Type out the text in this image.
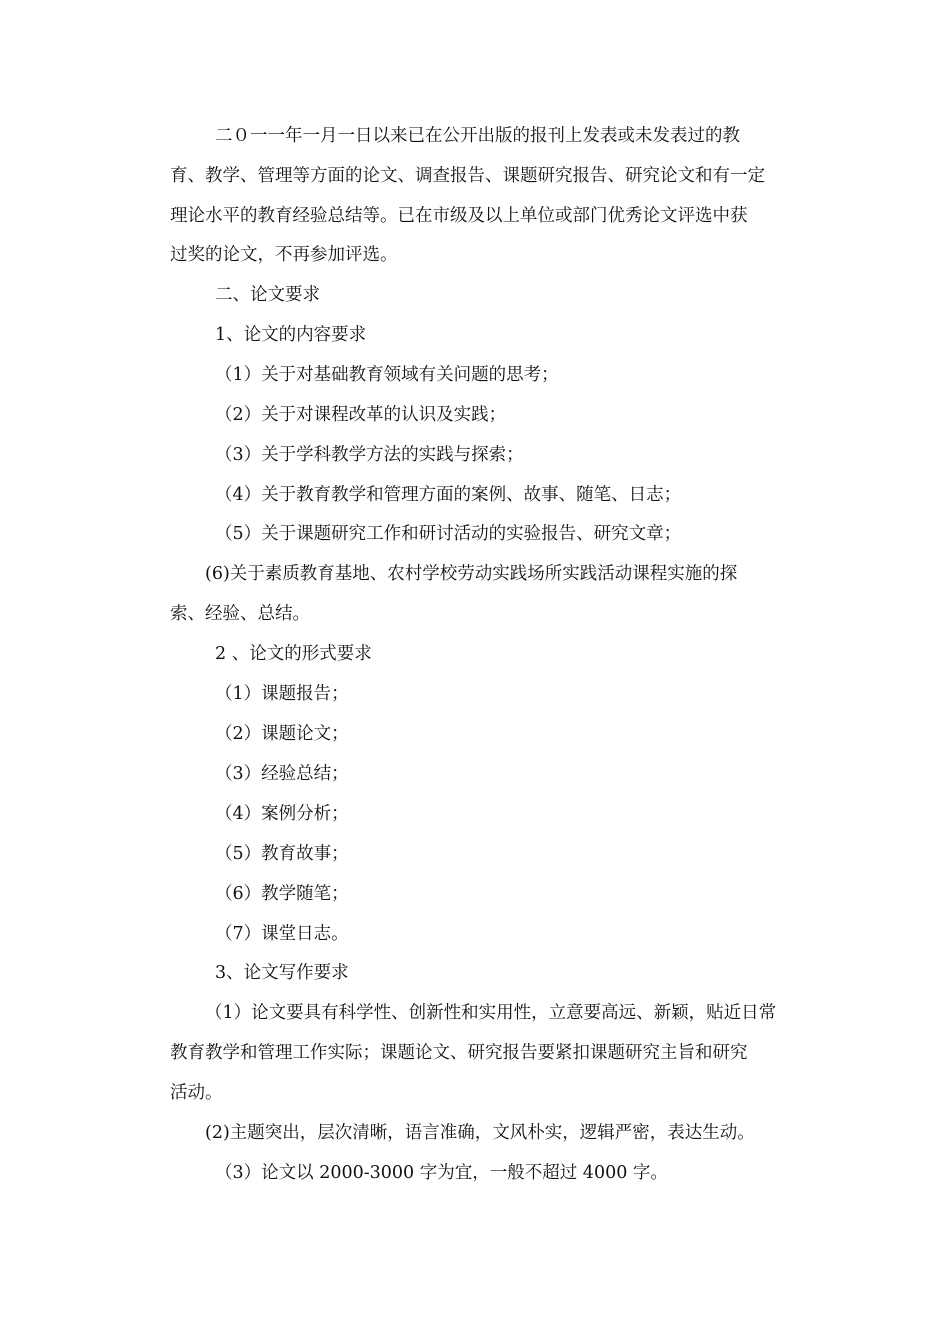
二０一一年一月一日以来已在公开出版的报刊上发表或未发表过的教
育、教学、管理等方面的论文、调查报告、课题研究报告、研究论文和有一定
理论水平的教育经验总结等。已在市级及以上单位或部门优秀论文评选中获
过奖的论文，不再参加评选。
二、论文要求
1、论文的内容要求
（1）关于对基础教育领域有关问题的思考；
（2）关于对课程改革的认识及实践；
（3）关于学科教学方法的实践与探索；
（4）关于教育教学和管理方面的案例、故事、随笔、日志；
（5）关于课题研究工作和研讨活动的实验报告、研究文章；
(6)关于素质教育基地、农村学校劳动实践场所实践活动课程实施的探
索、经验、总结。
2 、论文的形式要求
（1）课题报告；
（2）课题论文；
（3）经验总结；
（4）案例分析；
（5）教育故事；
（6）教学随笔；
（7）课堂日志。
3、论文写作要求
（1）论文要具有科学性、创新性和实用性，立意要高远、新颖，贴近日常
教育教学和管理工作实际；课题论文、研究报告要紧扣课题研究主旨和研究
活动。
(2)主题突出，层次清晰，语言准确，文风朴实，逻辑严密，表达生动。
（3）论文以 2000-3000 字为宜，一般不超过 4000 字。
